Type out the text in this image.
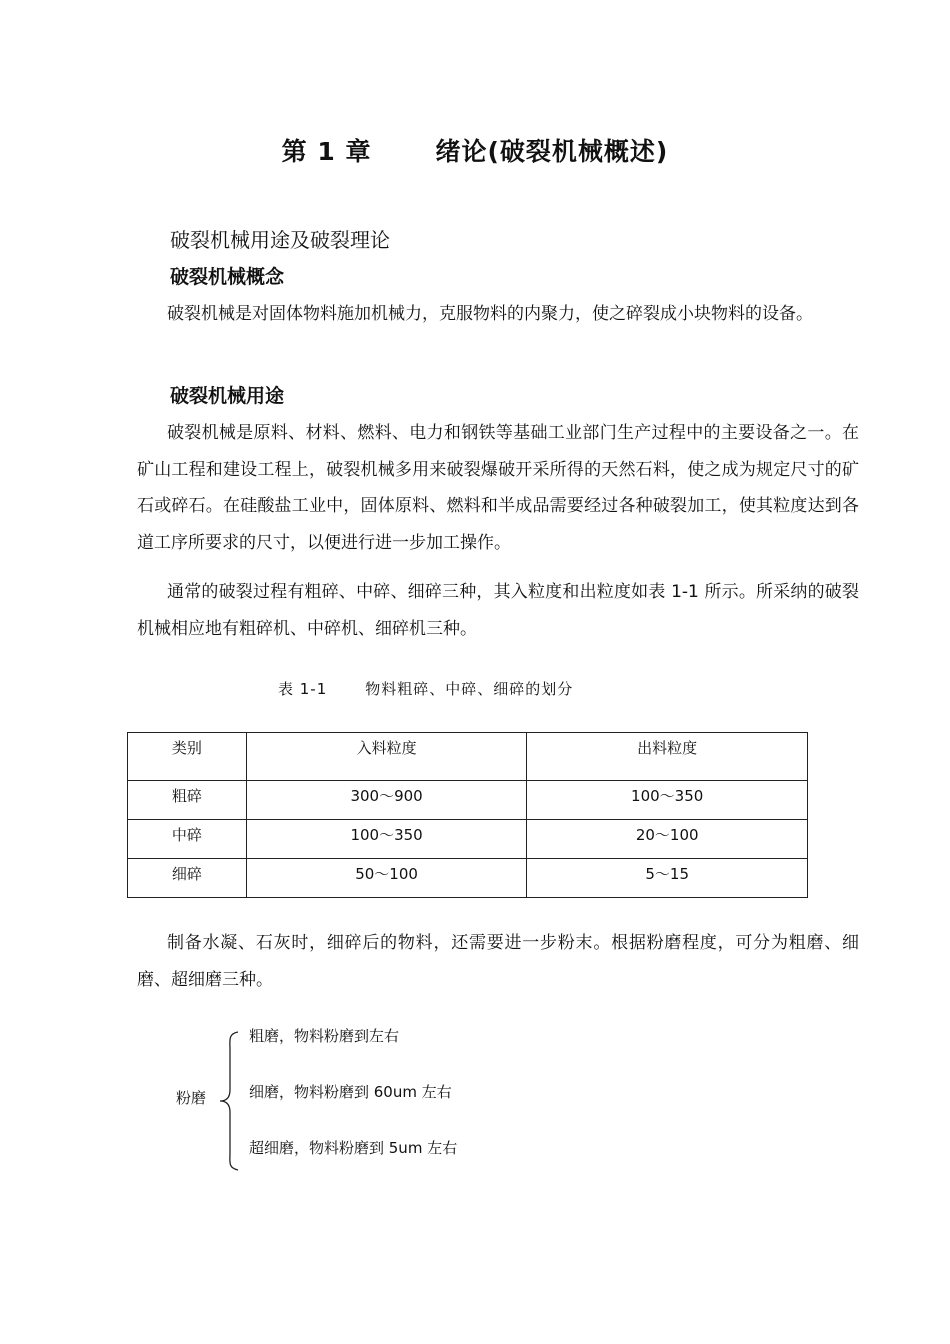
第 1 章	绪论(破裂机械概述)
破裂机械用途及破裂理论
破裂机械概念

破裂机械是对固体物料施加机械力，克服物料的内聚力，使之碎裂成小块物料的设备。

破裂机械用途

破裂机械是原料、材料、燃料、电力和钢铁等基础工业部门生产过程中的主要设备之一。在矿山工程和建设工程上，破裂机械多用来破裂爆破开采所得的天然石料，使之成为规定尺寸的矿石或碎石。在硅酸盐工业中，固体原料、燃料和半成品需要经过各种破裂加工，使其粒度达到各道工序所要求的尺寸，以便进行进一步加工操作。

通常的破裂过程有粗碎、中碎、细碎三种，其入粒度和出粒度如表 1-1 所示。所采纳的破裂机械相应地有粗碎机、中碎机、细碎机三种。

表 1-1	物料粗碎、中碎、细碎的划分
类别	入料粒度	出料粒度
粗碎	300～900	100～350
中碎	100～350	20～100
细碎	50～100	5～15

制备水凝、石灰时，细碎后的物料，还需要进一步粉末。根据粉磨程度，可分为粗磨、细磨、超细磨三种。

粉磨
粗磨，物料粉磨到左右
细磨，物料粉磨到 60um 左右
超细磨，物料粉磨到 5um 左右
